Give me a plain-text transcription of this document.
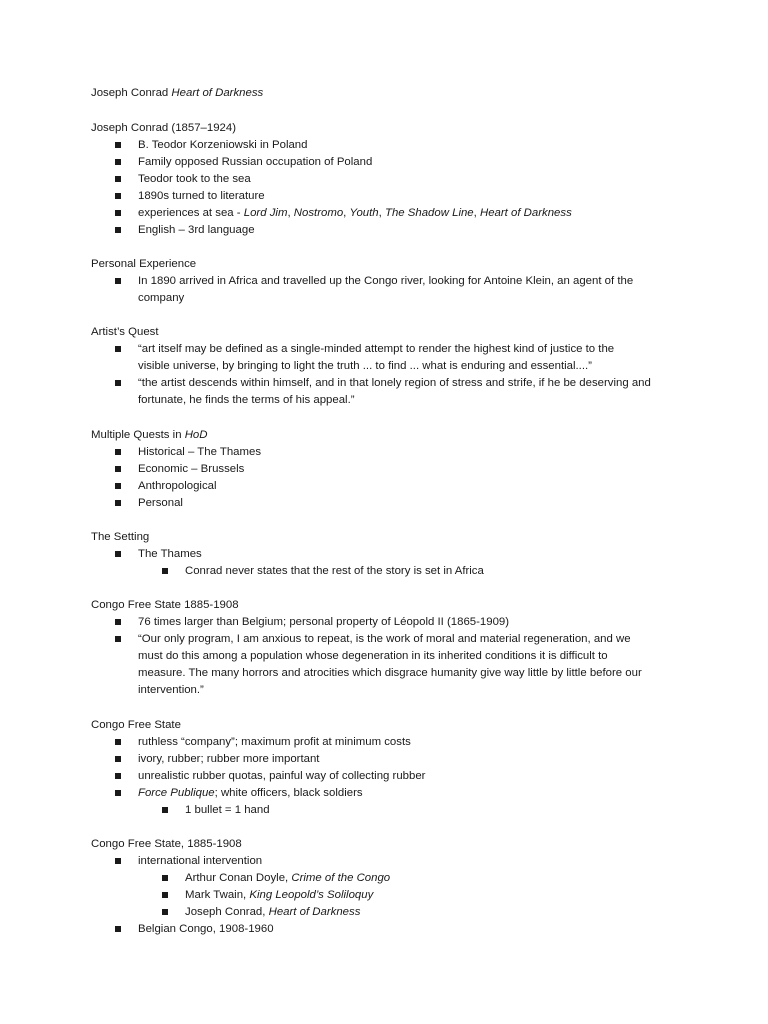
Joseph Conrad Heart of Darkness
Joseph Conrad (1857–1924)
B. Teodor Korzeniowski in Poland
Family opposed Russian occupation of Poland
Teodor took to the sea
1890s turned to literature
experiences at sea - Lord Jim, Nostromo, Youth, The Shadow Line, Heart of Darkness
English – 3rd language
Personal Experience
In 1890 arrived in Africa and travelled up the Congo river, looking for Antoine Klein, an agent of the
company
Artist’s Quest
“art itself may be defined as a single-minded attempt to render the highest kind of justice to the
visible universe, by bringing to light the truth ... to find ... what is enduring and essential....”
“the artist descends within himself, and in that lonely region of stress and strife, if he be deserving and
fortunate, he finds the terms of his appeal.”
Multiple Quests in HoD
Historical – The Thames
Economic – Brussels
Anthropological
Personal
The Setting
The Thames
Conrad never states that the rest of the story is set in Africa
Congo Free State 1885-1908
76 times larger than Belgium; personal property of Léopold II (1865-1909)
“Our only program, I am anxious to repeat, is the work of moral and material regeneration, and we
must do this among a population whose degeneration in its inherited conditions it is difficult to
measure. The many horrors and atrocities which disgrace humanity give way little by little before our
intervention.”
Congo Free State
ruthless “company”; maximum profit at minimum costs
ivory, rubber; rubber more important
unrealistic rubber quotas, painful way of collecting rubber
Force Publique; white officers, black soldiers
1 bullet = 1 hand
Congo Free State, 1885-1908
international intervention
Arthur Conan Doyle, Crime of the Congo
Mark Twain, King Leopold’s Soliloquy
Joseph Conrad, Heart of Darkness
Belgian Congo, 1908-1960
